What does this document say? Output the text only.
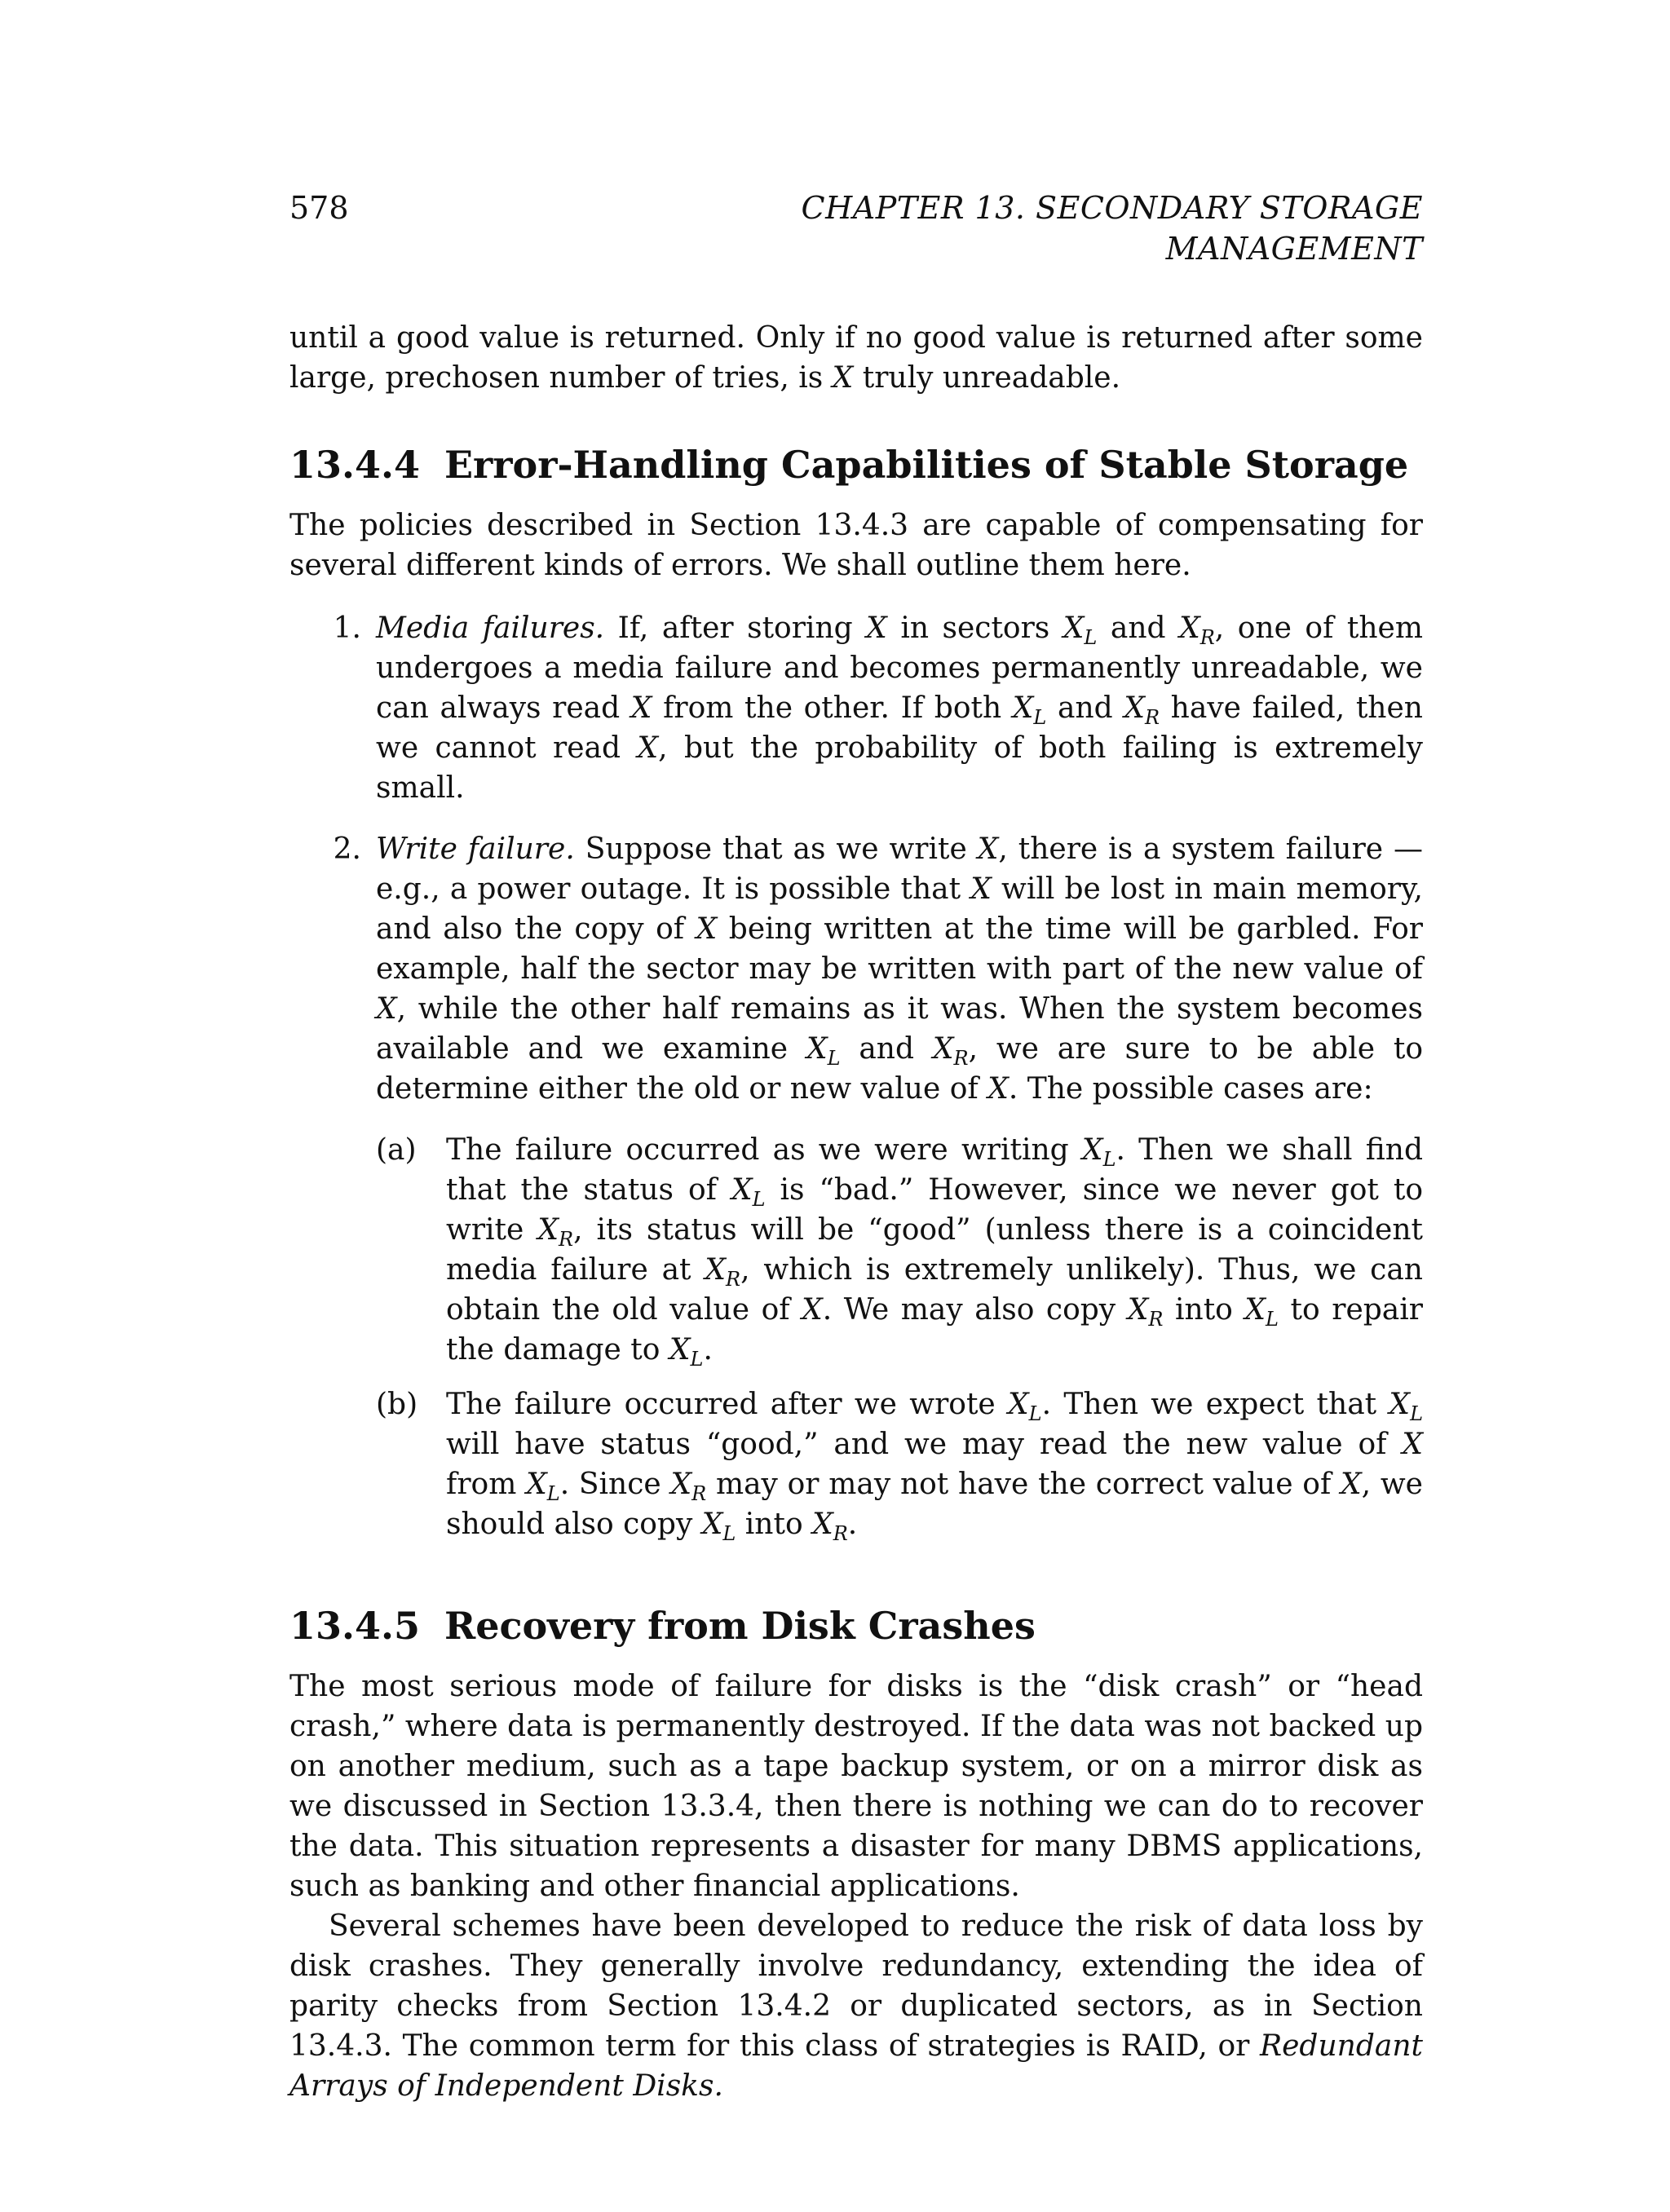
578	CHAPTER 13. SECONDARY STORAGE MANAGEMENT

until a good value is returned. Only if no good value is returned after some large, prechosen number of tries, is X truly unreadable.

13.4.4 Error-Handling Capabilities of Stable Storage

The policies described in Section 13.4.3 are capable of compensating for several different kinds of errors. We shall outline them here.

1. Media failures. If, after storing X in sectors $X_L$ and $X_R$, one of them undergoes a media failure and becomes permanently unreadable, we can always read X from the other. If both $X_L$ and $X_R$ have failed, then we cannot read X, but the probability of both failing is extremely small.

2. Write failure. Suppose that as we write X, there is a system failure — e.g., a power outage. It is possible that X will be lost in main memory, and also the copy of X being written at the time will be garbled. For example, half the sector may be written with part of the new value of X, while the other half remains as it was. When the system becomes available and we examine $X_L$ and $X_R$, we are sure to be able to determine either the old or new value of X. The possible cases are:

(a)	The failure occurred as we were writing $X_L$. Then we shall find that the status of $X_L$ is “bad.” However, since we never got to write $X_R$, its status will be “good” (unless there is a coincident media failure at $X_R$, which is extremely unlikely). Thus, we can obtain the old value of X. We may also copy $X_R$ into $X_L$ to repair the damage to $X_L$.

(b) The failure occurred after we wrote $X_L$. Then we expect that $X_L$ will have status “good,” and we may read the new value of X from $X_L$. Since $X_R$ may or may not have the correct value of X, we should also copy $X_L$ into $X_R$.

13.4.5 Recovery from Disk Crashes

The most serious mode of failure for disks is the “disk crash” or “head crash,” where data is permanently destroyed. If the data was not backed up on another medium, such as a tape backup system, or on a mirror disk as we discussed in Section 13.3.4, then there is nothing we can do to recover the data. This situation represents a disaster for many DBMS applications, such as banking and other financial applications.

Several schemes have been developed to reduce the risk of data loss by disk crashes. They generally involve redundancy, extending the idea of parity checks from Section 13.4.2 or duplicated sectors, as in Section 13.4.3. The common term for this class of strategies is RAID, or Redundant Arrays of Independent Disks.
